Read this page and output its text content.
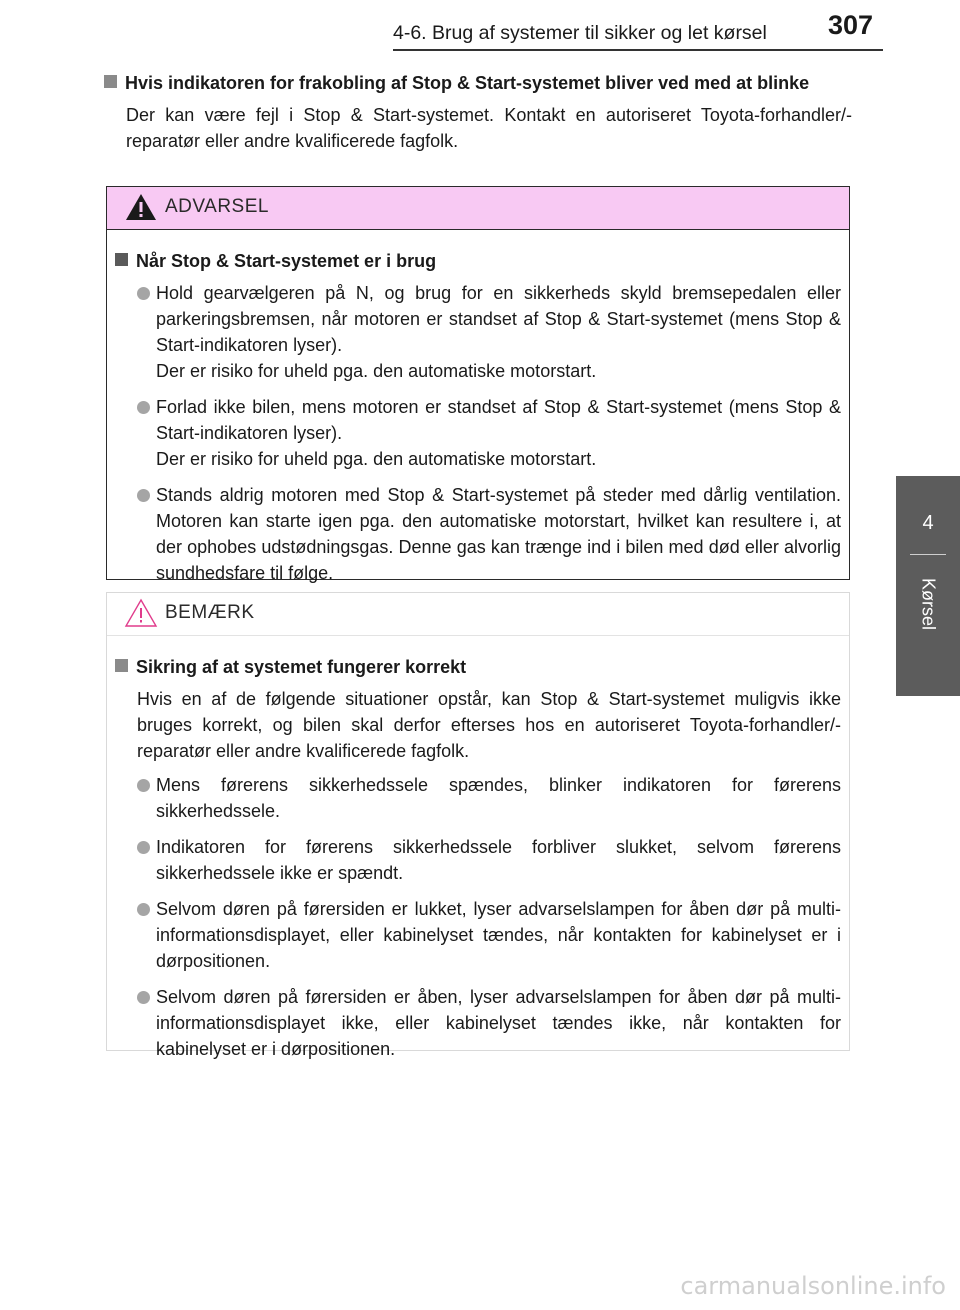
4-6. Brug af systemer til sikker og let kørsel 307
4
Kørsel
Hvis indikatoren for frakobling af Stop & Start-systemet bliver ved med at blinke
Der kan være fejl i Stop & Start-systemet. Kontakt en autoriseret Toyota-forhandler/-reparatør eller andre kvalificerede fagfolk.
ADVARSEL
Når Stop & Start-systemet er i brug
Hold gearvælgeren på N, og brug for en sikkerheds skyld bremsepedalen eller parkeringsbremsen, når motoren er standset af Stop & Start-systemet (mens Stop & Start-indikatoren lyser).
Der er risiko for uheld pga. den automatiske motorstart.
Forlad ikke bilen, mens motoren er standset af Stop & Start-systemet (mens Stop & Start-indikatoren lyser).
Der er risiko for uheld pga. den automatiske motorstart.
Stands aldrig motoren med Stop & Start-systemet på steder med dårlig ventilation. Motoren kan starte igen pga. den automatiske motorstart, hvilket kan resultere i, at der ophobes udstødningsgas. Denne gas kan trænge ind i bilen med død eller alvorlig sundhedsfare til følge.
BEMÆRK
Sikring af at systemet fungerer korrekt
Hvis en af de følgende situationer opstår, kan Stop & Start-systemet muligvis ikke bruges korrekt, og bilen skal derfor efterses hos en autoriseret Toyota-forhandler/-reparatør eller andre kvalificerede fagfolk.
Mens førerens sikkerhedssele spændes, blinker indikatoren for førerens sikkerhedssele.
Indikatoren for førerens sikkerhedssele forbliver slukket, selvom førerens sikkerhedssele ikke er spændt.
Selvom døren på førersiden er lukket, lyser advarselslampen for åben dør på multi-informationsdisplayet, eller kabinelyset tændes, når kontakten for kabinelyset er i dørpositionen.
Selvom døren på førersiden er åben, lyser advarselslampen for åben dør på multi-informationsdisplayet ikke, eller kabinelyset tændes ikke, når kontakten for kabinelyset er i dørpositionen.
carmanualsonline.info
